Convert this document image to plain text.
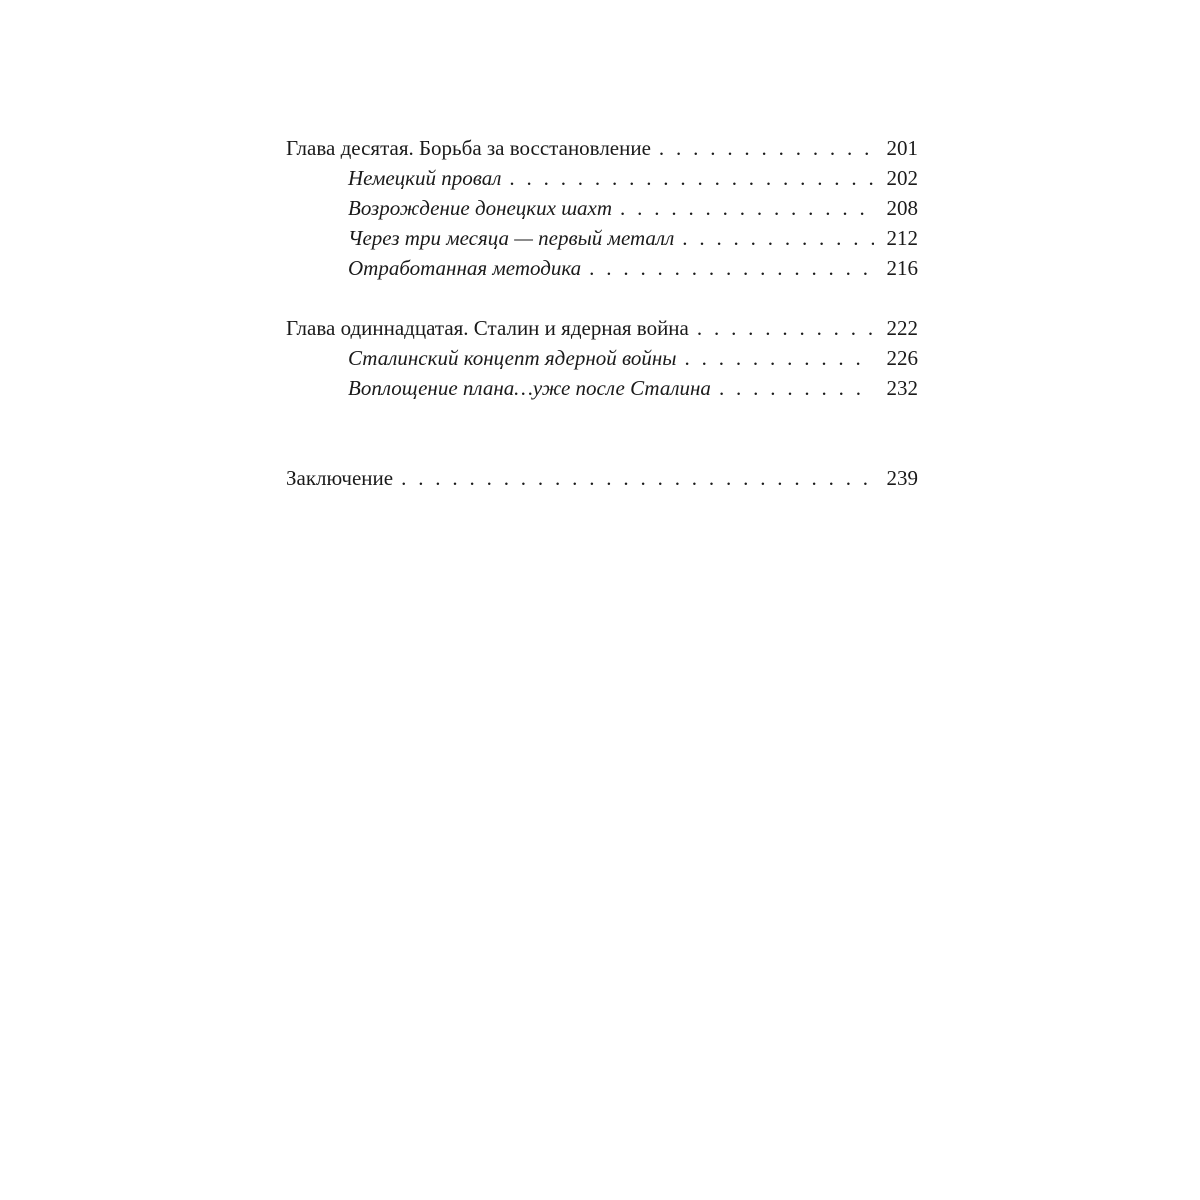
Глава десятая. Борьба за восстановление . . .	201
Немецкий провал . . .	202
Возрождение донецких шахт . . .	208
Через три месяца — первый металл . . .	212
Отработанная методика . . .	216
Глава одиннадцатая. Сталин и ядерная война . . .	222
Сталинский концепт ядерной войны . . .	226
Воплощение плана…уже после Сталина . . .	232
Заключение . . .	239
